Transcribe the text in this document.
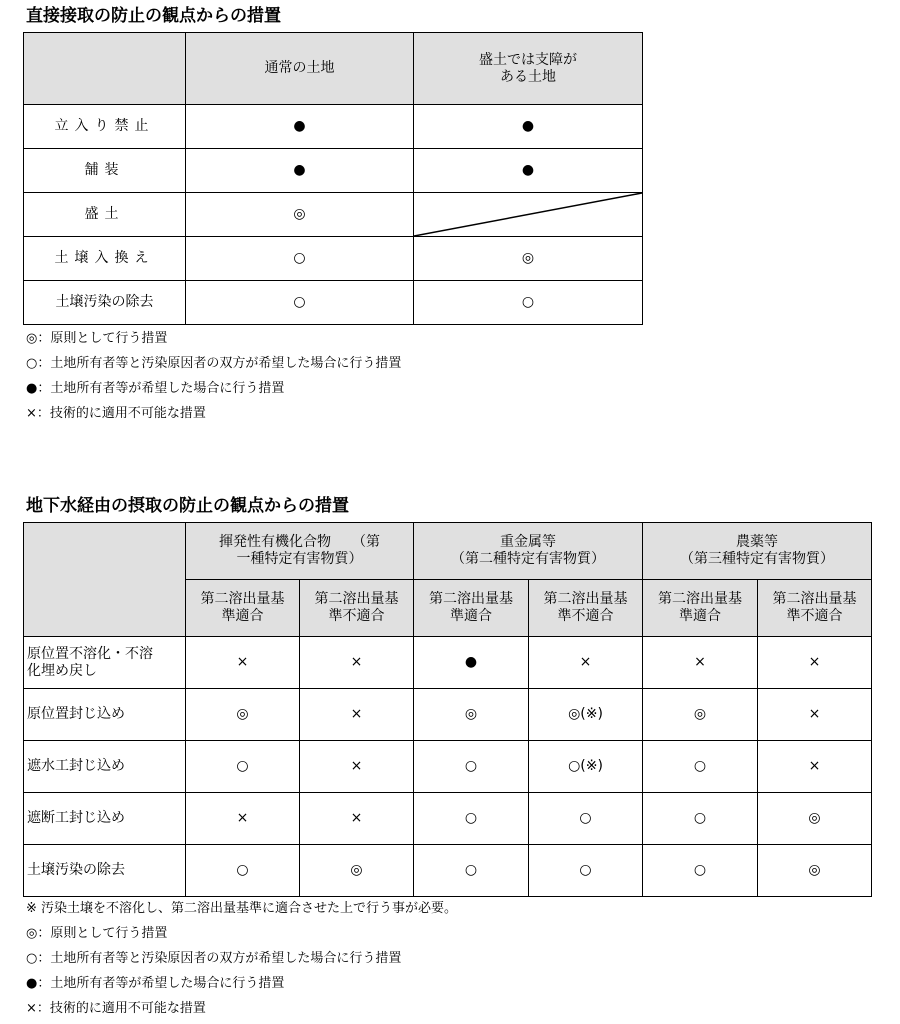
直接接取の防止の観点からの措置
	通常の土地	盛土では支障が
ある土地
立入り禁止	●	●
舗装	●	●
盛土	◎	

土壌入換え	○	◎
土壌汚染の除去	○	○
◎：原則として行う措置
○：土地所有者等と汚染原因者の双方が希望した場合に行う措置
●：土地所有者等が希望した場合に行う措置
×：技術的に適用不可能な措置
地下水経由の摂取の防止の観点からの措置
	揮発性有機化合物　　（第
一種特定有害物質）		重金属等
（第二種特定有害物質）		農薬等
（第三種特定有害物質）	
	第二溶出量基
準適合	第二溶出量基
準不適合	第二溶出量基
準適合	第二溶出量基
準不適合	第二溶出量基
準適合	第二溶出量基
準不適合
原位置不溶化・不溶
化埋め戻し	×	×	●	×	×	×
原位置封じ込め	◎	×	◎	◎(※)	◎	×
遮水工封じ込め	○	×	○	○(※)	○	×
遮断工封じ込め	×	×	○	○	○	◎
土壌汚染の除去	○	◎	○	○	○	◎
※ 汚染土壌を不溶化し、第二溶出量基準に適合させた上で行う事が必要。
◎：原則として行う措置
○：土地所有者等と汚染原因者の双方が希望した場合に行う措置
●：土地所有者等が希望した場合に行う措置
×：技術的に適用不可能な措置
